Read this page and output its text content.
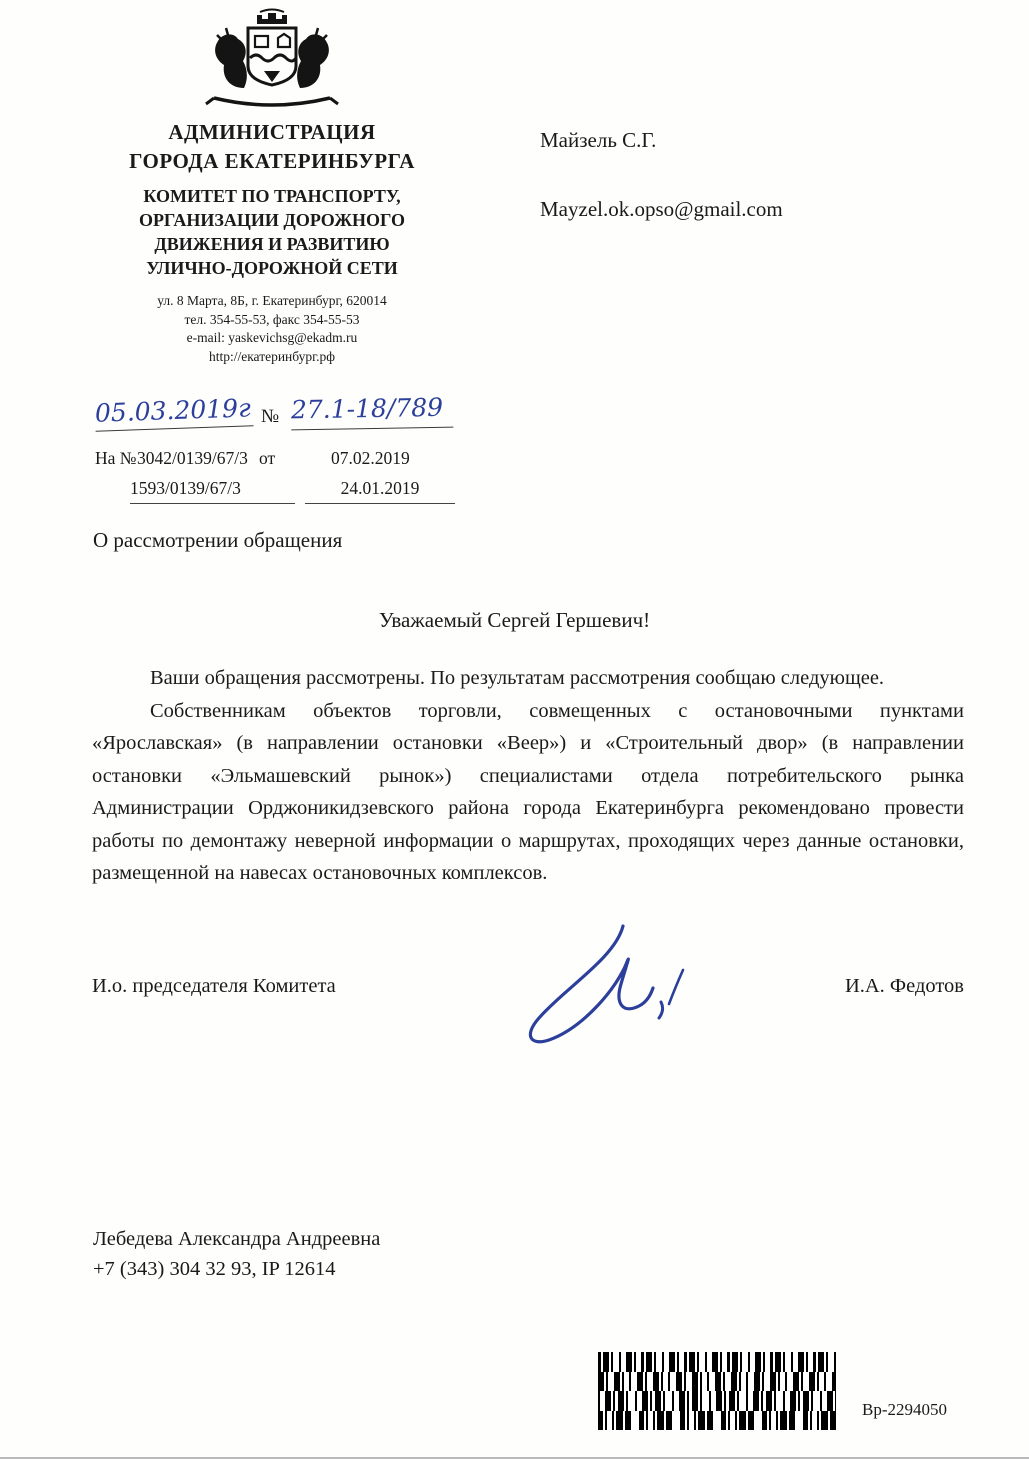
АДМИНИСТРАЦИЯ
ГОРОДА ЕКАТЕРИНБУРГА
КОМИТЕТ ПО ТРАНСПОРТУ,
ОРГАНИЗАЦИИ ДОРОЖНОГО
ДВИЖЕНИЯ И РАЗВИТИЮ
УЛИЧНО-ДОРОЖНОЙ СЕТИ
ул. 8 Марта, 8Б, г. Екатеринбург, 620014
тел. 354-55-53, факс 354-55-53
e-mail: yaskevichsg@ekadm.ru
http://екатеринбург.рф
Майзель С.Г.
Mayzel.ok.opso@gmail.com
05.03.2019г № 27.1-18/789
На № 3042/0139/67/3 от	07.02.2019
1593/0139/67/3	24.01.2019
О рассмотрении обращения
Уважаемый Сергей Гершевич!

Ваши обращения рассмотрены. По результатам рассмотрения сообщаю следующее.

Собственникам объектов торговли, совмещенных с остановочными пунктами «Ярославская» (в направлении остановки «Веер») и «Строительный двор» (в направлении остановки «Эльмашевский рынок») специалистами отдела потребительского рынка Администрации Орджоникидзевского района города Екатеринбурга рекомендовано провести работы по демонтажу неверной информации о маршрутах, проходящих через данные остановки, размещенной на навесах остановочных комплексов.

И.о. председателя Комитета	И.А. Федотов
Лебедева Александра Андреевна
+7 (343) 304 32 93, IP 12614
Вр-2294050
